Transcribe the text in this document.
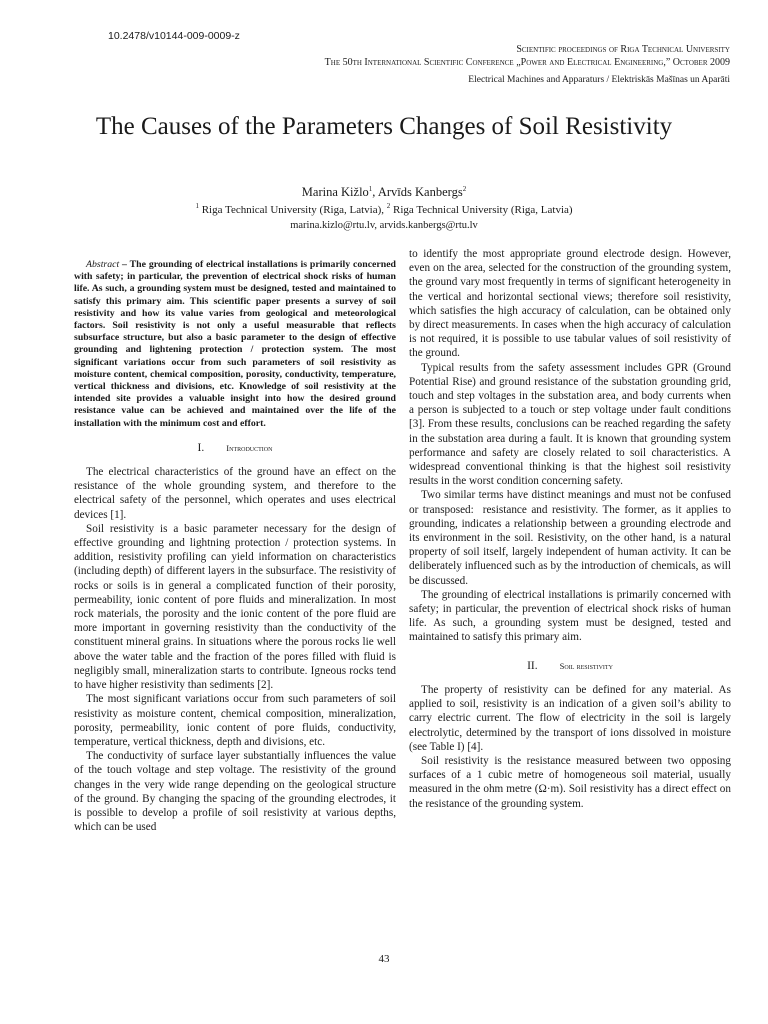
10.2478/v10144-009-0009-z
Scientific proceedings of Riga Technical University
The 50th International Scientific Conference „Power and Electrical Engineering,” October 2009
Electrical Machines and Apparaturs / Elektriskās Mašīnas un Aparāti
The Causes of the Parameters Changes of Soil Resistivity
Marina Kižlo$^1$, Arvīds Kanbergs$^2$
$^1$ Riga Technical University (Riga, Latvia), $^2$ Riga Technical University (Riga, Latvia)
marina.kizlo@rtu.lv, arvids.kanbergs@rtu.lv

Abstract – The grounding of electrical installations is primarily concerned with safety; in particular, the prevention of electrical shock risks of human life. As such, a grounding system must be designed, tested and maintained to satisfy this primary aim. This scientific paper presents a survey of soil resistivity and how its value varies from geological and meteorological factors. Soil resistivity is not only a useful measurable that reflects subsurface structure, but also a basic parameter to the design of effective grounding and lightening protection / protection system. The most significant variations occur from such parameters of soil resistivity as moisture content, chemical composition, porosity, conductivity, temperature, vertical thickness and divisions, etc. Knowledge of soil resistivity at the intended site provides a valuable insight into how the desired ground resistance value can be achieved and maintained over the life of the installation with the minimum cost and effort.

I.	Introduction

The electrical characteristics of the ground have an effect on the resistance of the whole grounding system, and therefore to the electrical safety of the personnel, which operates and uses electrical devices [1].

Soil resistivity is a basic parameter necessary for the design of effective grounding and lightning protection / protection systems. In addition, resistivity profiling can yield information on characteristics (including depth) of different layers in the subsurface. The resistivity of rocks or soils is in general a complicated function of their porosity, permeability, ionic content of pore fluids and mineralization. In most rock materials, the porosity and the ionic content of the pore fluid are more important in governing resistivity than the conductivity of the constituent mineral grains. In situations where the porous rocks lie well above the water table and the fraction of the pores filled with fluid is negligibly small, mineralization starts to contribute. Igneous rocks tend to have higher resistivity than sediments [2].

The most significant variations occur from such parameters of soil resistivity as moisture content, chemical composition, mineralization, porosity, permeability, ionic content of pore fluids, conductivity, temperature, vertical thickness, depth and divisions, etc.

The conductivity of surface layer substantially influences the value of the touch voltage and step voltage. The resistivity of the ground changes in the very wide range depending on the geological structure of the ground. By changing the spacing of the grounding electrodes, it is possible to develop a profile of soil resistivity at various depths, which can be used

to identify the most appropriate ground electrode design. However, even on the area, selected for the construction of the grounding system, the ground vary most frequently in terms of significant heterogeneity in the vertical and horizontal sectional views; therefore soil resistivity, which satisfies the high accuracy of calculation, can be obtained only by direct measurements. In cases when the high accuracy of calculation is not required, it is possible to use tabular values of soil resistivity of the ground.

Typical results from the safety assessment includes GPR (Ground Potential Rise) and ground resistance of the substation grounding grid, touch and step voltages in the substation area, and body currents when a person is subjected to a touch or step voltage under fault conditions [3]. From these results, conclusions can be reached regarding the safety in the substation area during a fault. It is known that grounding system performance and safety are closely related to soil characteristics. A widespread conventional thinking is that the highest soil resistivity results in the worst condition concerning safety.

Two similar terms have distinct meanings and must not be confused or transposed:  resistance and resistivity. The former, as it applies to grounding, indicates a relationship between a grounding electrode and its environment in the soil. Resistivity, on the other hand, is a natural property of soil itself, largely independent of human activity. It can be deliberately influenced such as by the introduction of chemicals, as will be discussed.

The grounding of electrical installations is primarily concerned with safety; in particular, the prevention of electrical shock risks of human life. As such, a grounding system must be designed, tested and maintained to satisfy this primary aim.

II.	Soil resistivity

The property of resistivity can be defined for any material. As applied to soil, resistivity is an indication of a given soil’s ability to carry electric current. The flow of electricity in the soil is largely electrolytic, determined by the transport of ions dissolved in moisture (see Table I) [4].

Soil resistivity is the resistance measured between two opposing surfaces of a 1 cubic metre of homogeneous soil material, usually measured in the ohm metre (Ω·m). Soil resistivity has a direct effect on the resistance of the grounding system.

43
